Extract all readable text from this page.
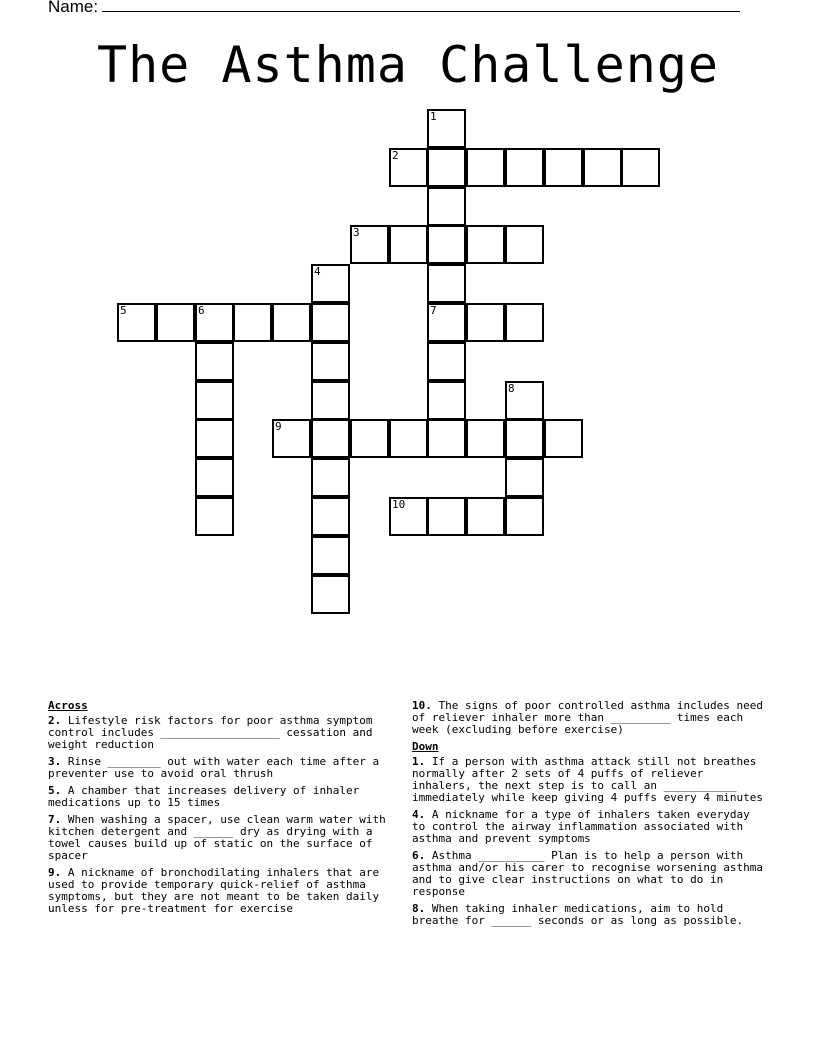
Name:
The Asthma Challenge
1
7
2
3
4
5	6
8
9
10
Across
2. Lifestyle risk factors for poor asthma symptom control includes __________________ cessation and weight reduction
3. Rinse ________ out with water each time after a preventer use to avoid oral thrush
5. A chamber that increases delivery of inhaler medications up to 15 times
7. When washing a spacer, use clean warm water with kitchen detergent and ______ dry as drying with a towel causes build up of static on the surface of spacer
9. A nickname of bronchodilating inhalers that are used to provide temporary quick-relief of asthma symptoms, but they are not meant to be taken daily unless for pre-treatment for exercise
10. The signs of poor controlled asthma includes need of reliever inhaler more than _________ times each week (excluding before exercise)
Down
1. If a person with asthma attack still not breathes normally after 2 sets of 4 puffs of reliever inhalers, the next step is to call an ___________ immediately while keep giving 4 puffs every 4 minutes
4. A nickname for a type of inhalers taken everyday to control the airway inflammation associated with asthma and prevent symptoms
6. Asthma __________ Plan is to help a person with asthma and/or his carer to recognise worsening asthma and to give clear instructions on what to do in response
8. When taking inhaler medications, aim to hold breathe for ______ seconds or as long as possible.
